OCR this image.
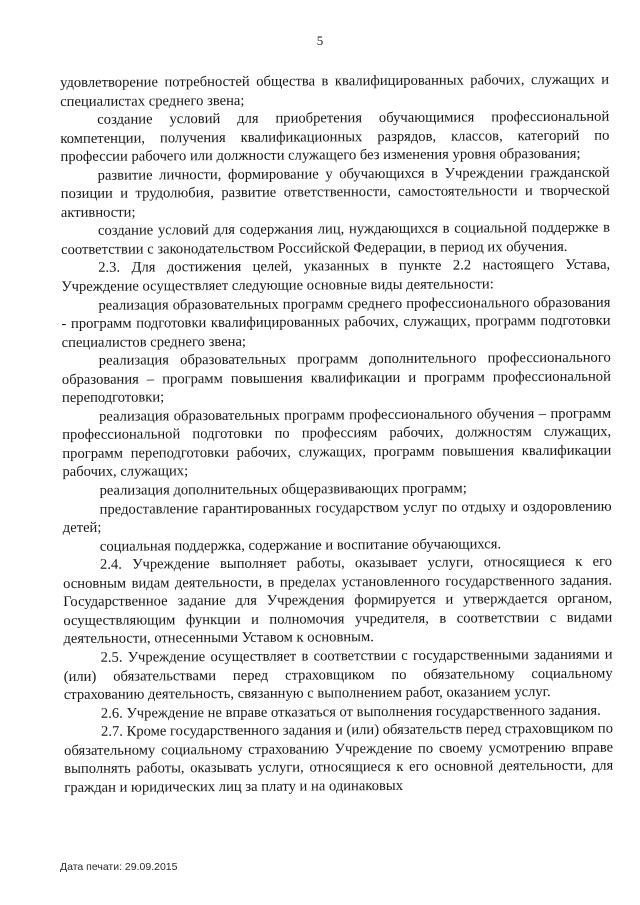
5

удовлетворение потребностей общества в квалифицированных рабочих, служащих и специалистах среднего звена;

создание условий для приобретения обучающимися профессиональной компетенции, получения квалификационных разрядов, классов, категорий по профессии рабочего или должности служащего без изменения уровня образования;

развитие личности, формирование у обучающихся в Учреждении гражданской позиции и трудолюбия, развитие ответственности, самостоятельности и творческой активности;

создание условий для содержания лиц, нуждающихся в социальной поддержке в соответствии с законодательством Российской Федерации, в период их обучения.

2.3. Для достижения целей, указанных в пункте 2.2 настоящего Устава, Учреждение осуществляет следующие основные виды деятельности:

реализация образовательных программ среднего профессионального образования - программ подготовки квалифицированных рабочих, служащих, программ подготовки специалистов среднего звена;

реализация образовательных программ дополнительного профессионального образования – программ повышения квалификации и программ профессиональной переподготовки;

реализация образовательных программ профессионального обучения – программ профессиональной подготовки по профессиям рабочих, должностям служащих, программ переподготовки рабочих, служащих, программ повышения квалификации рабочих, служащих;

реализация дополнительных общеразвивающих программ;

предоставление гарантированных государством услуг по отдыху и оздоровлению детей;

социальная поддержка, содержание и воспитание обучающихся.

2.4. Учреждение выполняет работы, оказывает услуги, относящиеся к его основным видам деятельности, в пределах установленного государственного задания. Государственное задание для Учреждения формируется и утверждается органом, осуществляющим функции и полномочия учредителя, в соответствии с видами деятельности, отнесенными Уставом к основным.

2.5. Учреждение осуществляет в соответствии с государственными заданиями и (или) обязательствами перед страховщиком по обязательному социальному страхованию деятельность, связанную с выполнением работ, оказанием услуг.

2.6. Учреждение не вправе отказаться от выполнения государственного задания.

2.7. Кроме государственного задания и (или) обязательств перед страховщиком по обязательному социальному страхованию Учреждение по своему усмотрению вправе выполнять работы, оказывать услуги, относящиеся к его основной деятельности, для граждан и юридических лиц за плату и на одинаковых

Дата печати: 29.09.2015
